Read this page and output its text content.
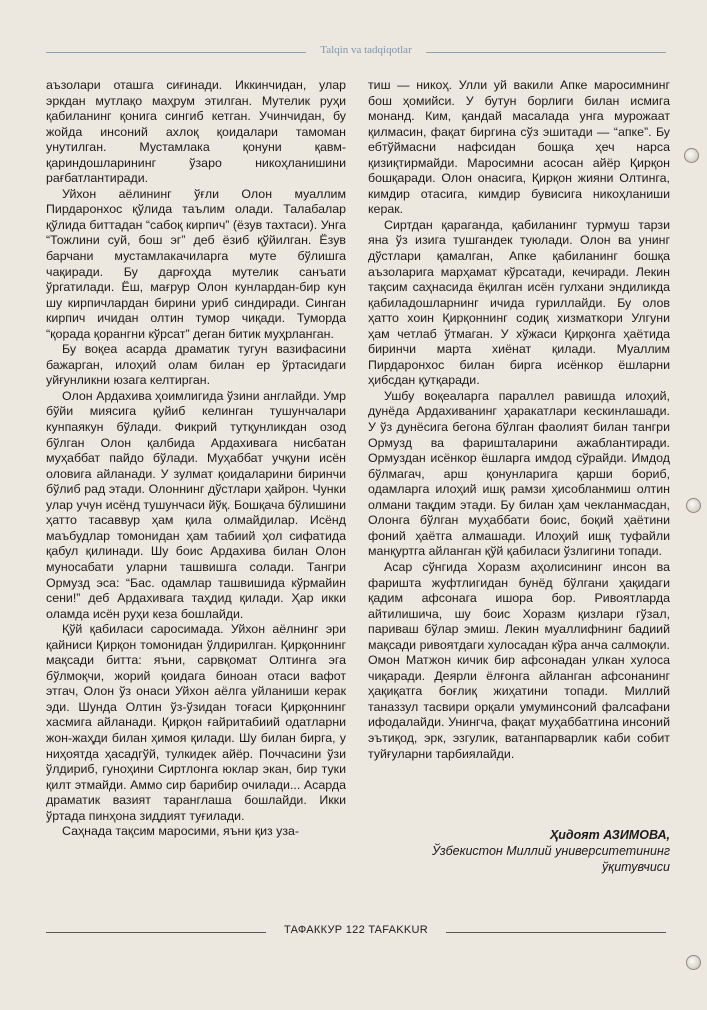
Talqin va tadqiqotlar

аъзолари оташга сиғинади. Иккинчидан, улар эркдан мутлақо маҳрум этилган. Мутелик руҳи қабиланинг қонига сингиб кетган. Учинчидан, бу жойда инсоний ахлоқ қоидалари тамоман унутилган. Мустамлака қонуни қавм-қариндошларининг ўзаро никоҳланишини рағбатлантиради.

Уйхон аёлининг ўғли Олон муаллим Пирдаронхос қўлида таълим олади. Талабалар қўлида биттадан “сабоқ кирпич” (ёзув тахтаси). Унга “Тожлини суй, бош эг” деб ёзиб қўйилган. Ёзув барчани мустамлакачиларга муте бўлишга чақиради. Бу дарғоҳда мутелик санъати ўргатилади. Ёш, мағрур Олон кунлардан-бир кун шу кирпичлардан бирини уриб синдиради. Синган кирпич ичидан олтин тумор чиқади. Туморда “қорада қорангни кўрсат” деган битик муҳрланган.

Бу воқеа асарда драматик тугун вазифасини бажарган, илоҳий олам билан ер ўртасидаги уйғунликни юзага келтирган.

Олон Ардахива ҳоимлигида ўзини англайди. Умр бўйи миясига қуйиб келинган тушунчалари кунпаякун бўлади. Фикрий тутқунликдан озод бўлган Олон қалбида Ардахивага нисбатан муҳаббат пайдо бўлади. Муҳаббат учқуни исён оловига айланади. У зулмат қоидаларини биринчи бўлиб рад этади. Олоннинг дўстлари ҳайрон. Чунки улар учун исёнд тушунчаси йўқ. Бошқача бўлишини ҳатто тасаввур ҳам қила олмайдилар. Исёнд маъбудлар томонидан ҳам табиий ҳол сифатида қабул қилинади. Шу боис Ардахива билан Олон муносабати уларни ташвишга солади. Тангри Ормузд эса: “Бас. одамлар ташвишида кўрмайин сени!” деб Ардахивага таҳдид қилади. Ҳар икки оламда исён руҳи кеза бошлайди.

Қўй қабиласи саросимада. Уйхон аёлнинг эри қайниси Қирқон томонидан ўлдирилган. Қирқоннинг мақсади битта: яъни, сарвқомат Олтинга эга бўлмоқчи, жорий қоидага биноан отаси вафот этгач, Олон ўз онаси Уйхон аёлга уйланиши керак эди. Шунда Олтин ўз-ўзидан тоғаси Қирқоннинг хасмига айланади. Қирқон ғайритабиий одатларни жон-жаҳди билан ҳимоя қилади. Шу билан бирга, у ниҳоятда ҳасадгўй, тулкидек айёр. Поччасини ўзи ўлдириб, гуноҳини Сиртлонга юклар экан, бир туки қилт этмайди. Аммо сир барибир очилади... Асарда драматик вазият таранглаша бошлайди. Икки ўртада пинҳона зиддият туғилади.

Саҳнада тақсим маросими, яъни қиз уза-

тиш — никоҳ. Улли уй вакили Апке маросимнинг бош ҳомийси. У бутун борлиги билан исмига монанд. Ким, қандай масалада унга мурожаат қилмасин, фақат биргина сўз эшитади — “апке”. Бу ебтўймасни нафсидан бошқа ҳеч нарса қизиқтирмайди. Маросимни асосан айёр Қирқон бошқаради. Олон онасига, Қирқон жияни Олтинга, кимдир отасига, кимдир бувисига никоҳланиши керак.

Сиртдан қараганда, қабиланинг турмуш тарзи яна ўз изига тушгандек туюлади. Олон ва унинг дўстлари қамалган, Апке қабиланинг бошқа аъзоларига марҳамат кўрсатади, кечиради. Лекин тақсим саҳнасида ёқилган исён гулхани эндиликда қабиладошларнинг ичида гуриллайди. Бу олов ҳатто хоин Қирқоннинг содиқ хизматкори Улгуни ҳам четлаб ўтмаган. У хўжаси Қирқонга ҳаётида биринчи марта хиёнат қилади. Муаллим Пирдаронхос билан бирга исёнкор ёшларни ҳибсдан қутқаради.

Ушбу воқеаларга параллел равишда илоҳий, дунёда Ардахиванинг ҳаракатлари кескинлашади. У ўз дунёсига бегона бўлган фаолият билан тангри Ормузд ва фаришталарини ажаблантиради. Ормуздан исёнкор ёшларга имдод сўрайди. Имдод бўлмагач, арш қонунларига қарши бориб, одамларга илоҳий ишқ рамзи ҳисобланмиш олтин олмани тақдим этади. Бу билан ҳам чекланмасдан, Олонга бўлган муҳаббати боис, боқий ҳаётини фоний ҳаётга алмашади. Илоҳий ишқ туфайли манқуртга айланган қўй қабиласи ўзлигини топади.

Асар сўнгида Хоразм аҳолисининг инсон ва фаришта жуфтлигидан бунёд бўлгани ҳақидаги қадим афсонага ишора бор. Ривоятларда айтилишича, шу боис Хоразм қизлари гўзал, париваш бўлар эмиш. Лекин муаллифнинг бадиий мақсади ривоятдаги хулосадан кўра анча салмоқли. Омон Матжон кичик бир афсонадан улкан хулоса чиқаради. Деярли ёлғонга айланган афсонанинг ҳақиқатга боғлиқ жиҳатини топади. Миллий таназзул тасвири орқали умуминсоний фалсафани ифодалайди. Унингча, фақат муҳаббатгина инсоний эътиқод, эрк, эзгулик, ватанпарварлик каби собит туйғуларни тарбиялайди.

Ҳидоят АЗИМОВА,
Ўзбекистон Миллий университетининг
ўқитувчиси
ТАФАККУР 122 TAFAKKUR
